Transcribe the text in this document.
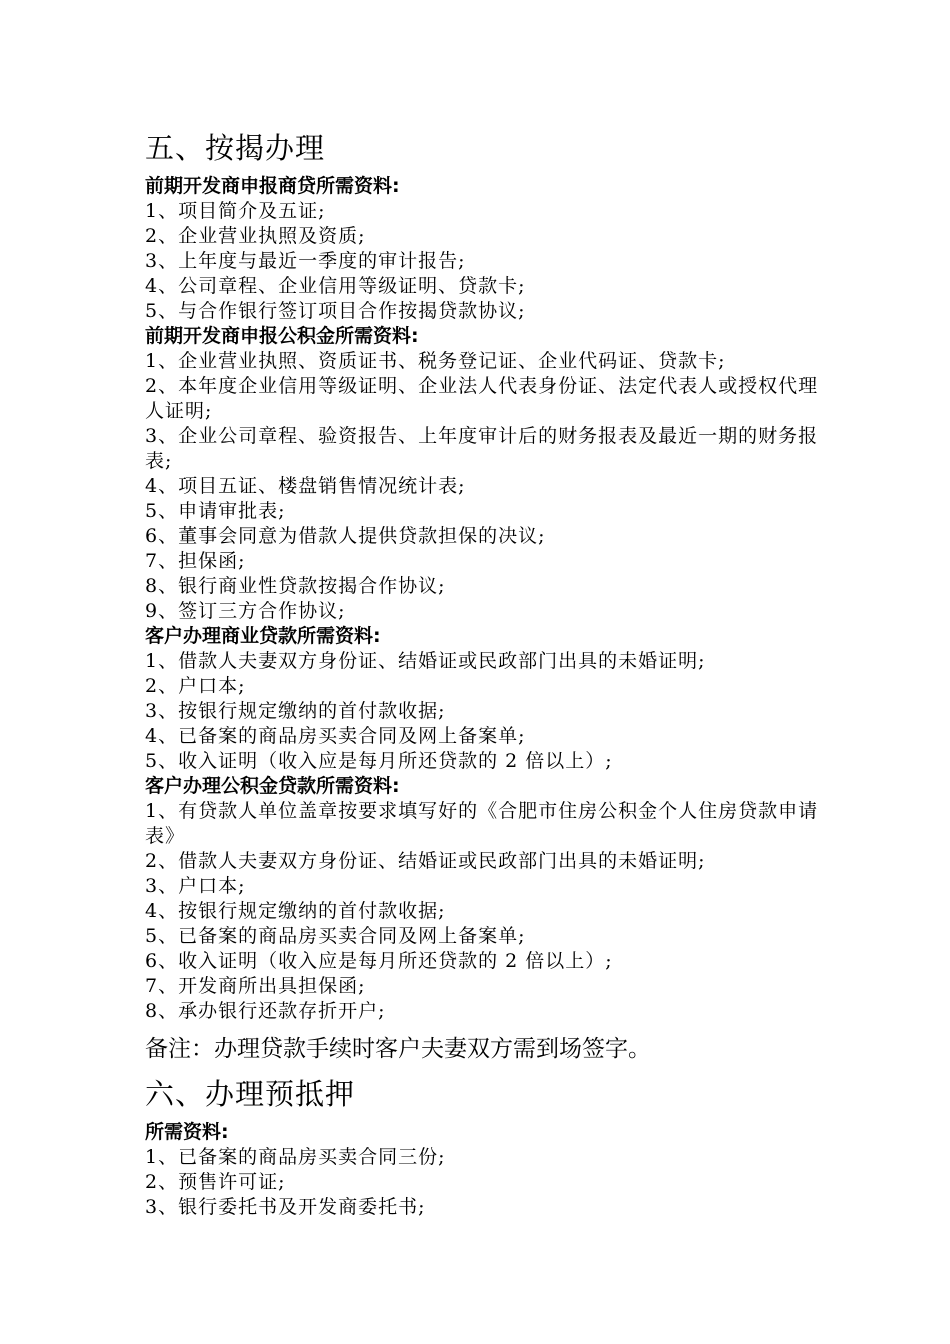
五、按揭办理
前期开发商申报商贷所需资料:
1、项目简介及五证;
2、企业营业执照及资质;
3、上年度与最近一季度的审计报告;
4、公司章程、企业信用等级证明、贷款卡;
5、与合作银行签订项目合作按揭贷款协议;
前期开发商申报公积金所需资料:
1、企业营业执照、资质证书、税务登记证、企业代码证、贷款卡;
2、本年度企业信用等级证明、企业法人代表身份证、法定代表人或授权代理人证明;
3、企业公司章程、验资报告、上年度审计后的财务报表及最近一期的财务报表;
4、项目五证、楼盘销售情况统计表;
5、申请审批表;
6、董事会同意为借款人提供贷款担保的决议;
7、担保函;
8、银行商业性贷款按揭合作协议;
9、签订三方合作协议;
客户办理商业贷款所需资料:
1、借款人夫妻双方身份证、结婚证或民政部门出具的未婚证明;
2、户口本;
3、按银行规定缴纳的首付款收据;
4、已备案的商品房买卖合同及网上备案单;
5、收入证明（收入应是每月所还贷款的 2 倍以上）;
客户办理公积金贷款所需资料:
1、有贷款人单位盖章按要求填写好的《合肥市住房公积金个人住房贷款申请表》
2、借款人夫妻双方身份证、结婚证或民政部门出具的未婚证明;
3、户口本;
4、按银行规定缴纳的首付款收据;
5、已备案的商品房买卖合同及网上备案单;
6、收入证明（收入应是每月所还贷款的 2 倍以上）;
7、开发商所出具担保函;
8、承办银行还款存折开户;
备注：办理贷款手续时客户夫妻双方需到场签字。
六、办理预抵押
所需资料:
1、已备案的商品房买卖合同三份;
2、预售许可证;
3、银行委托书及开发商委托书;
